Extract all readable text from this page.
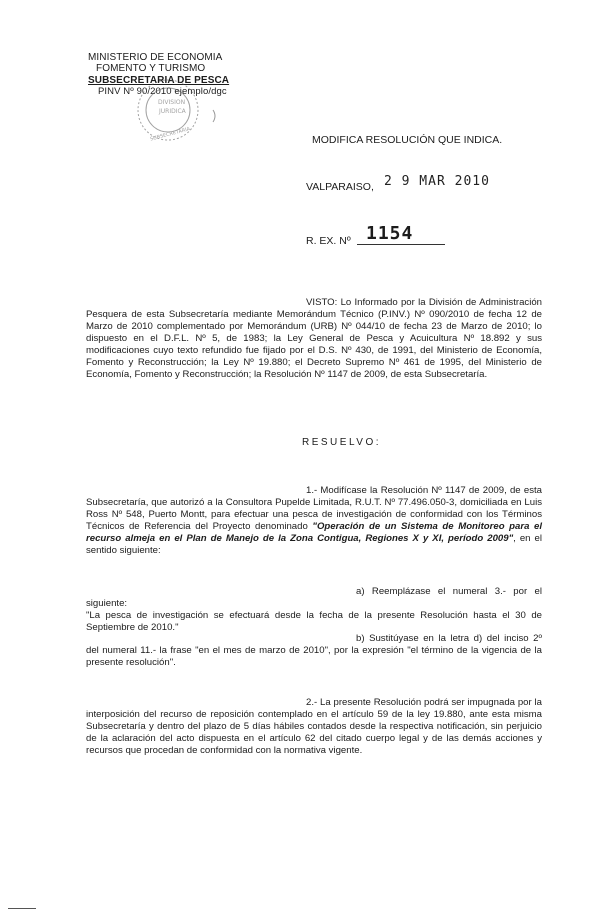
MINISTERIO DE ECONOMIA
FOMENTO Y TURISMO
SUBSECRETARIA DE PESCA
PINV Nº 90/2010 ejemplo/dgc
DIVISION
JURIDICA
SUBSECRETARIA	MODIFICA RESOLUCIÓN QUE INDICA.
VALPARAISO, 2 9 MAR 2010
R. EX. Nº 1154
VISTO: Lo Informado por la División de Administración Pesquera de esta Subsecretaría mediante Memorándum Técnico (P.INV.) Nº 090/2010 de fecha 12 de Marzo de 2010 complementado por Memorándum (URB) Nº 044/10 de fecha 23 de Marzo de 2010; lo dispuesto en el D.F.L. Nº 5, de 1983; la Ley General de Pesca y Acuicultura Nº 18.892 y sus modificaciones cuyo texto refundido fue fijado por el D.S. Nº 430, de 1991, del Ministerio de Economía, Fomento y Reconstrucción; la Ley Nº 19.880; el Decreto Supremo Nº 461 de 1995, del Ministerio de Economía, Fomento y Reconstrucción; la Resolución Nº 1147 de 2009, de esta Subsecretaría.
RESUELVO:
1.- Modifícase la Resolución Nº 1147 de 2009, de esta Subsecretaría, que autorizó a la Consultora Pupelde Limitada, R.U.T. Nº 77.496.050-3, domiciliada en Luis Ross Nº 548, Puerto Montt, para efectuar una pesca de investigación de conformidad con los Términos Técnicos de Referencia del Proyecto denominado "Operación de un Sistema de Monitoreo para el recurso almeja en el Plan de Manejo de la Zona Contigua, Regiones X y XI, período 2009", en el sentido siguiente:
a) Reemplázase el numeral 3.- por el siguiente:
"La pesca de investigación se efectuará desde la fecha de la presente Resolución hasta el 30 de Septiembre de 2010."
b) Sustitúyase en la letra d) del inciso 2º del numeral 11.- la frase "en el mes de marzo de 2010", por la expresión "el término de la vigencia de la presente resolución".
2.- La presente Resolución podrá ser impugnada por la interposición del recurso de reposición contemplado en el artículo 59 de la ley 19.880, ante esta misma Subsecretaría y dentro del plazo de 5 días hábiles contados desde la respectiva notificación, sin perjuicio de la aclaración del acto dispuesta en el artículo 62 del citado cuerpo legal y de las demás acciones y recursos que procedan de conformidad con la normativa vigente.
